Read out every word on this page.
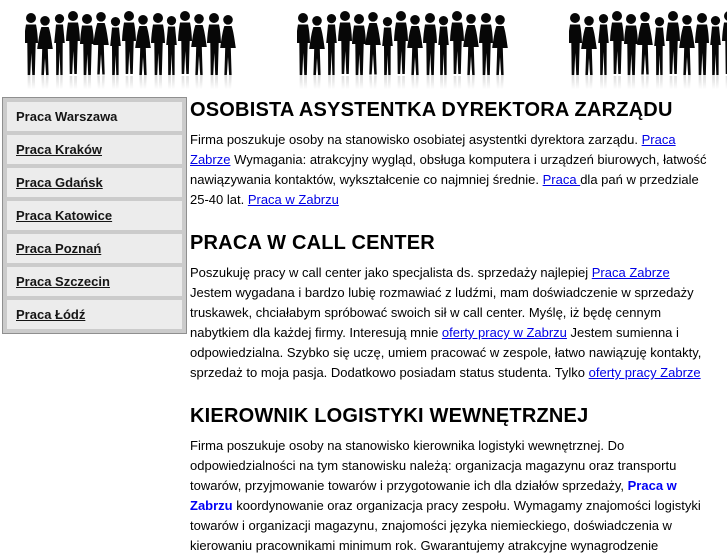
Praca Warszawa
Praca Kraków
Praca Gdańsk
Praca Katowice
Praca Poznań
Praca Szczecin
Praca Łódź
OSOBISTA ASYSTENTKA DYREKTORA ZARZĄDU

Firma poszukuje osoby na stanowisko osobiatej asystentki dyrektora zarządu. Praca Zabrze Wymagania: atrakcyjny wygląd, obsługa komputera i urządzeń biurowych, łatwość nawiązywania kontaktów, wykształcenie co najmniej średnie. Praca dla pań w przedziale 25-40 lat. Praca w Zabrzu

PRACA W CALL CENTER

Poszukuję pracy w call center jako specjalista ds. sprzedaży najlepiej Praca Zabrze Jestem wygadana i bardzo lubię rozmawiać z ludźmi, mam doświadczenie w sprzedaży truskawek, chciałabym spróbować swoich sił w call center. Myślę, iż będę cennym nabytkiem dla każdej firmy. Interesują mnie oferty pracy w Zabrzu Jestem sumienna i odpowiedzialna. Szybko się uczę, umiem pracować w zespole, łatwo nawiązuję kontakty, sprzedaż to moja pasja. Dodatkowo posiadam status studenta. Tylko oferty pracy Zabrze

KIEROWNIK LOGISTYKI WEWNĘTRZNEJ

Firma poszukuje osoby na stanowisko kierownika logistyki wewnętrznej. Do odpowiedzialności na tym stanowisku należą: organizacja magazynu oraz transportu towarów, przyjmowanie towarów i przygotowanie ich dla działów sprzedaży, Praca w Zabrzu koordynowanie oraz organizacja pracy zespołu. Wymagamy znajomości logistyki towarów i organizacji magazynu, znajomości języka niemieckiego, doświadczenia w kierowaniu pracownikami minimum rok. Gwarantujemy atrakcyjne wynagrodzenie
